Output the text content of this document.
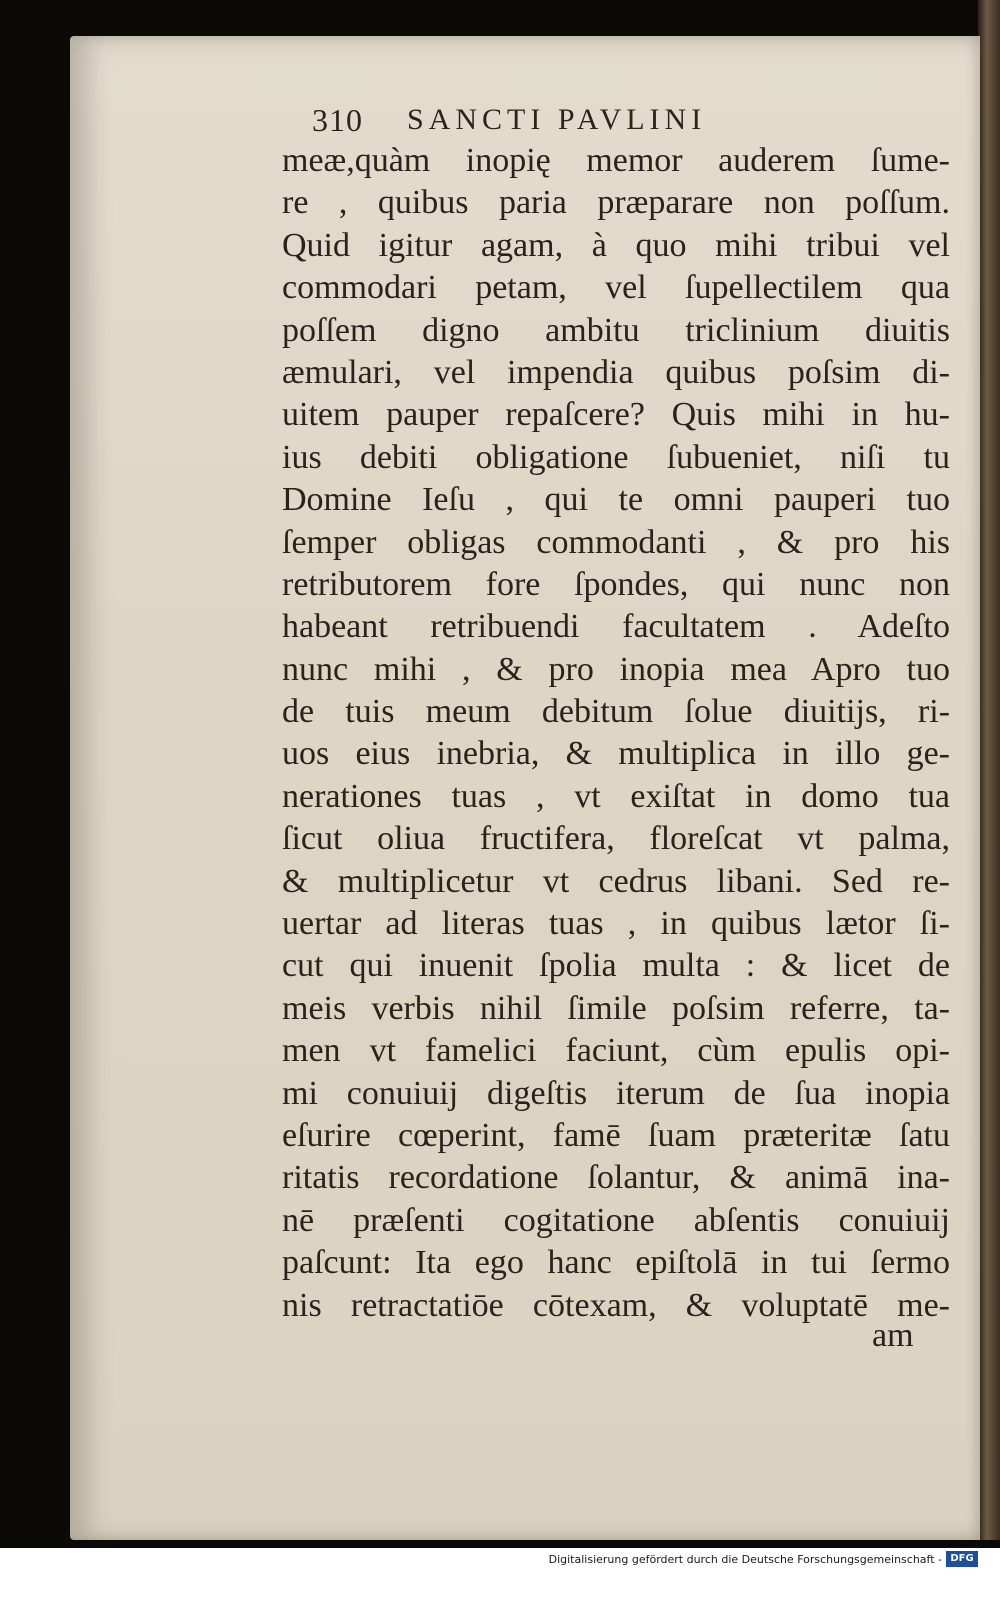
310 SANCTI PAVLINI
meæ,quàm inopię memor auderem ſume-
re , quibus paria præparare non poſſum.
Quid igitur agam, à quo mihi tribui vel
commodari petam, vel ſupellectilem qua
poſſem digno ambitu triclinium diuitis
æmulari, vel impendia quibus poſsim di-
uitem pauper repaſcere? Quis mihi in hu-
ius debiti obligatione ſubueniet, niſi tu
Domine Ieſu , qui te omni pauperi tuo
ſemper obligas commodanti , & pro his
retributorem fore ſpondes, qui nunc non
habeant retribuendi facultatem . Adeſto
nunc mihi , & pro inopia mea Apro tuo
de tuis meum debitum ſolue diuitijs, ri-
uos eius inebria, & multiplica in illo ge-
nerationes tuas , vt exiſtat in domo tua
ſicut oliua fructifera, floreſcat vt palma,
& multiplicetur vt cedrus libani. Sed re-
uertar ad literas tuas , in quibus lætor ſi-
cut qui inuenit ſpolia multa : & licet de
meis verbis nihil ſimile poſsim referre, ta-
men vt famelici faciunt, cùm epulis opi-
mi conuiuij digeſtis iterum de ſua inopia
eſurire cœperint, famē ſuam præteritæ ſatu
ritatis recordatione ſolantur, & animā ina-
nē præſenti cogitatione abſentis conuiuij
paſcunt: Ita ego hanc epiſtolā in tui ſermo
nis retractatiōe cōtexam, & voluptatē me-
am
Digitalisierung gefördert durch die Deutsche Forschungsgemeinschaft - DFG
